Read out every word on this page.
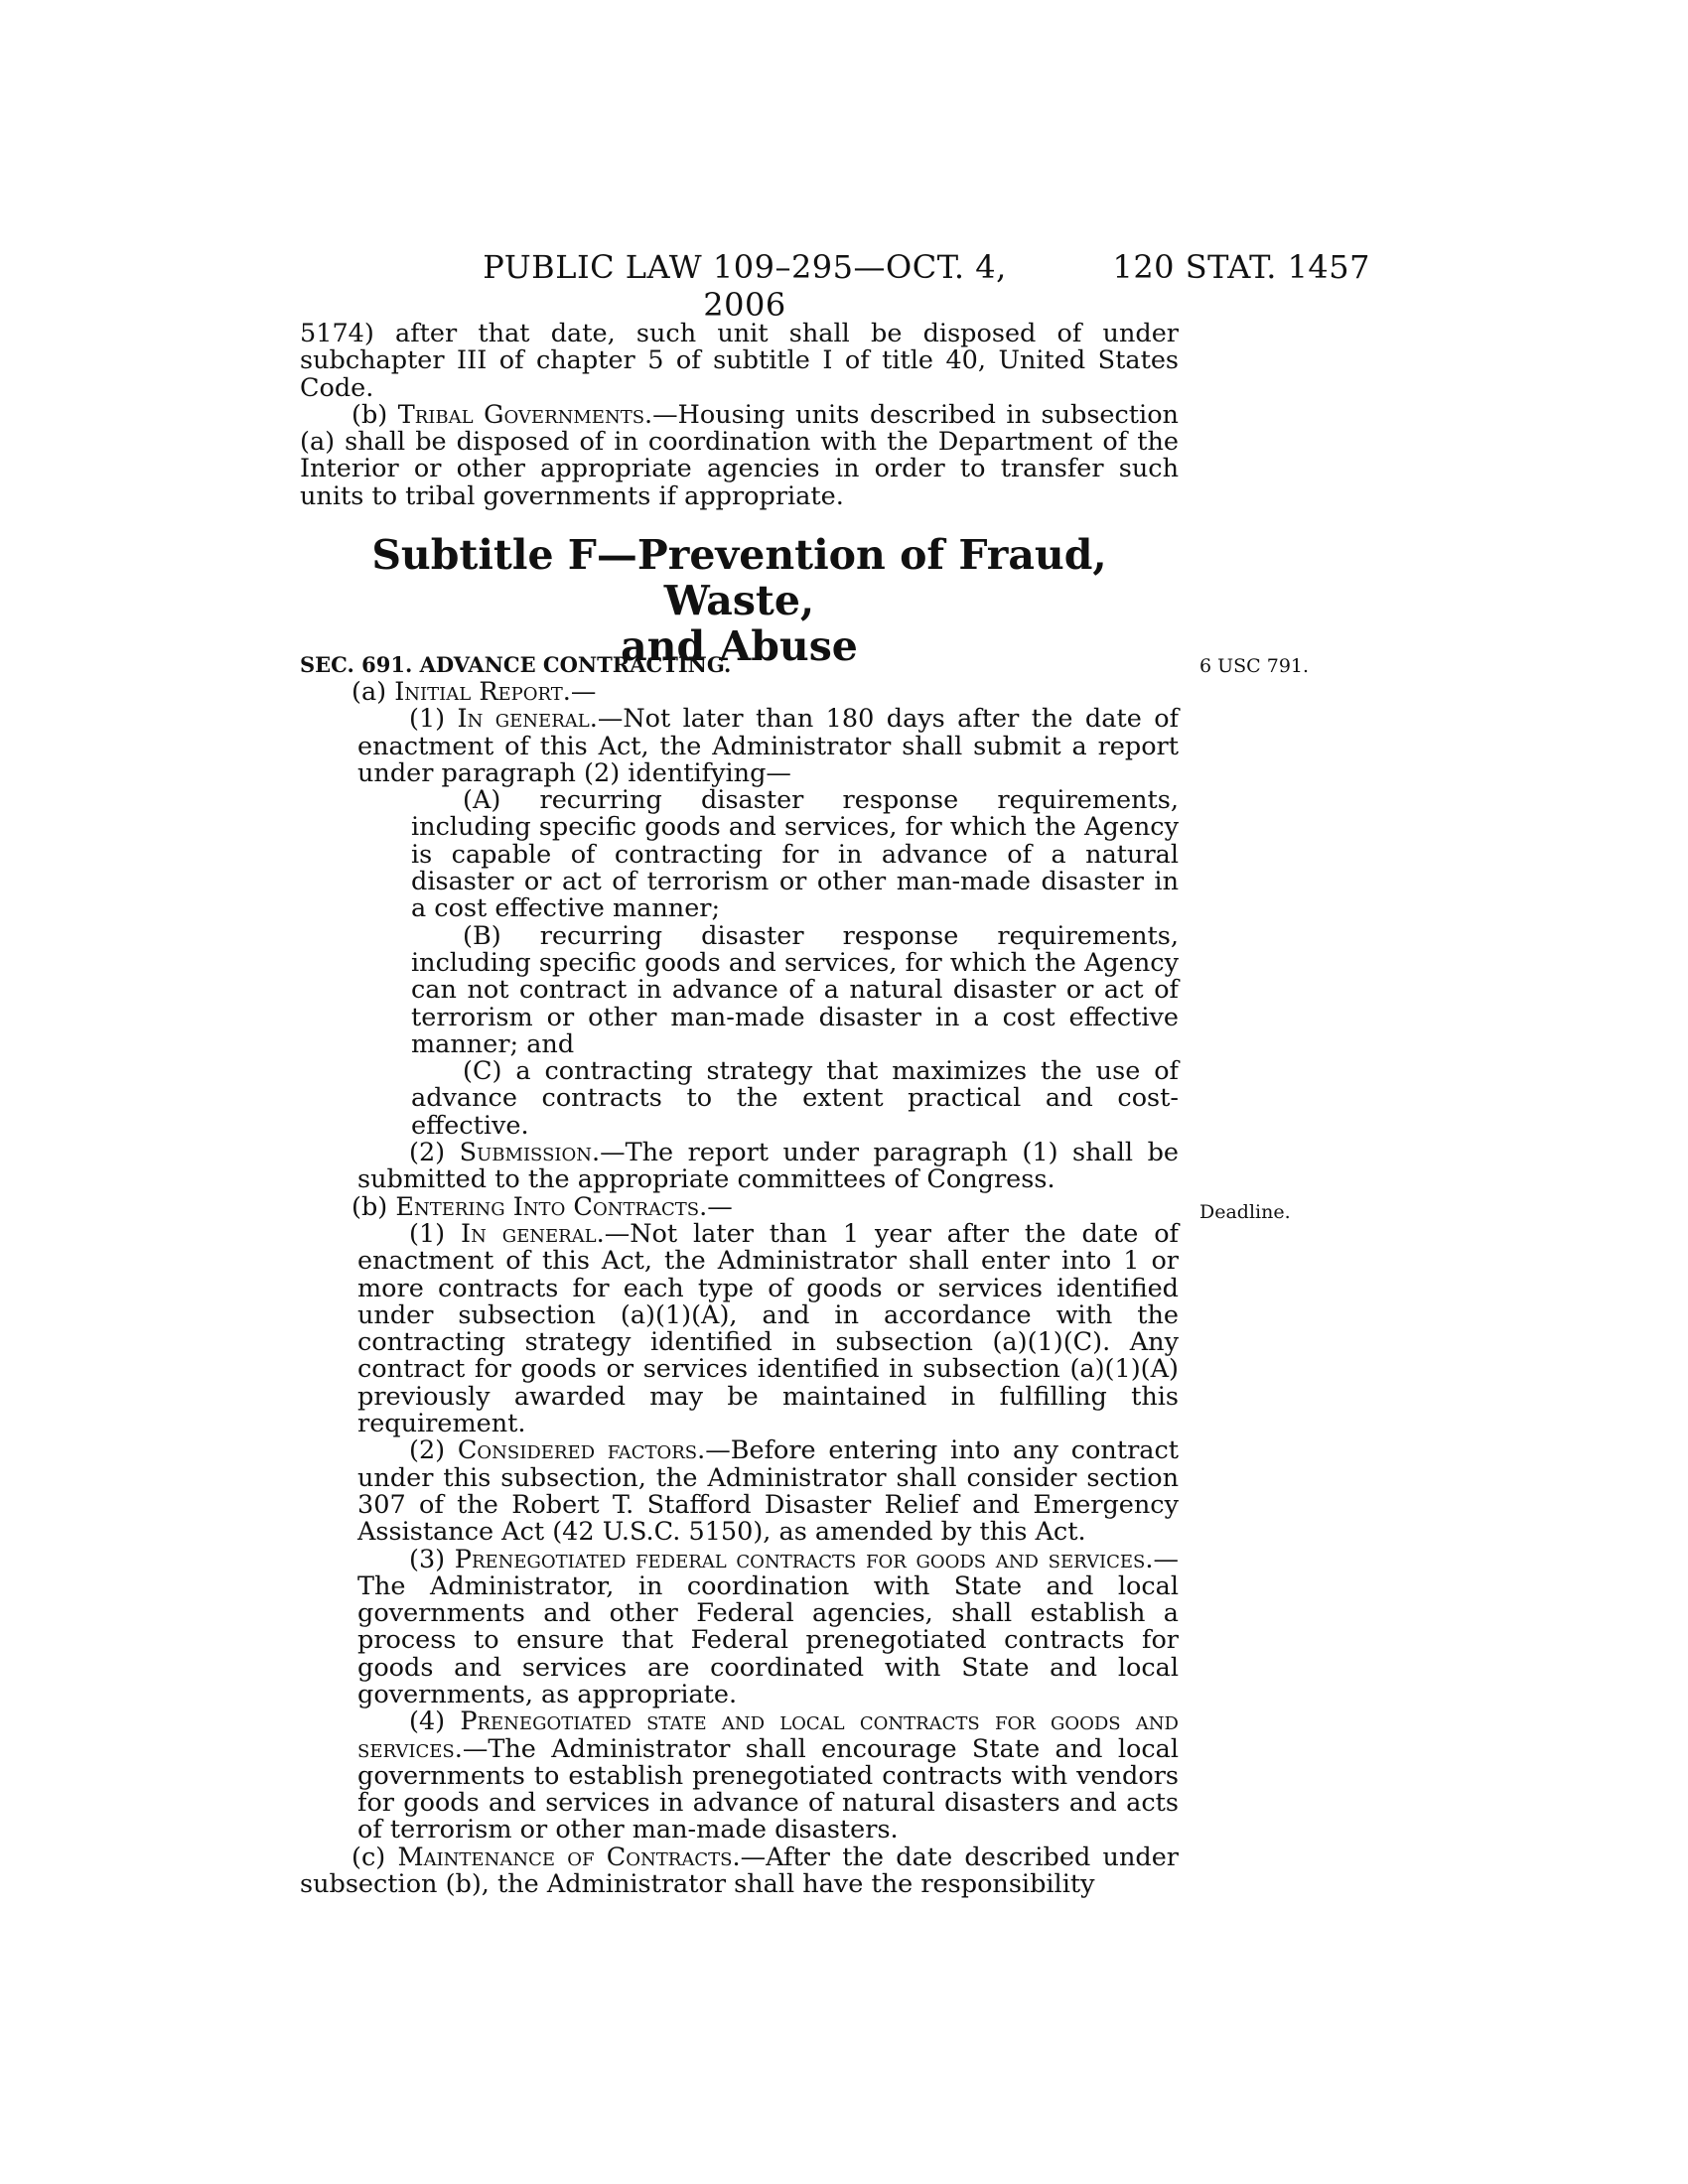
PUBLIC LAW 109–295—OCT. 4, 2006
120 STAT. 1457

5174) after that date, such unit shall be disposed of under subchapter III of chapter 5 of subtitle I of title 40, United States Code.

(b) Tribal Governments.—Housing units described in subsection (a) shall be disposed of in coordination with the Department of the Interior or other appropriate agencies in order to transfer such units to tribal governments if appropriate.

Subtitle F—Prevention of Fraud, Waste,
and Abuse
SEC. 691. ADVANCE CONTRACTING.	6 USC 791.

(a) Initial Report.—

(1) In general.—Not later than 180 days after the date of enactment of this Act, the Administrator shall submit a report under paragraph (2) identifying—

(A) recurring disaster response requirements, including specific goods and services, for which the Agency is capable of contracting for in advance of a natural disaster or act of terrorism or other man-made disaster in a cost effective manner;

(B) recurring disaster response requirements, including specific goods and services, for which the Agency can not contract in advance of a natural disaster or act of terrorism or other man-made disaster in a cost effective manner; and

(C) a contracting strategy that maximizes the use of advance contracts to the extent practical and cost-effective.

(2) Submission.—The report under paragraph (1) shall be submitted to the appropriate committees of Congress.

(b) Entering Into Contracts.—

(1) In general.—Not later than 1 year after the date of enactment of this Act, the Administrator shall enter into 1 or more contracts for each type of goods or services identified under subsection (a)(1)(A), and in accordance with the contracting strategy identified in subsection (a)(1)(C). Any contract for goods or services identified in subsection (a)(1)(A) previously awarded may be maintained in fulfilling this requirement.

(2) Considered factors.—Before entering into any contract under this subsection, the Administrator shall consider section 307 of the Robert T. Stafford Disaster Relief and Emergency Assistance Act (42 U.S.C. 5150), as amended by this Act.

(3) Prenegotiated federal contracts for goods and services.—The Administrator, in coordination with State and local governments and other Federal agencies, shall establish a process to ensure that Federal prenegotiated contracts for goods and services are coordinated with State and local governments, as appropriate.

(4) Prenegotiated state and local contracts for goods and services.—The Administrator shall encourage State and local governments to establish prenegotiated contracts with vendors for goods and services in advance of natural disasters and acts of terrorism or other man-made disasters.

(c) Maintenance of Contracts.—After the date described under subsection (b), the Administrator shall have the responsibility

Deadline.
